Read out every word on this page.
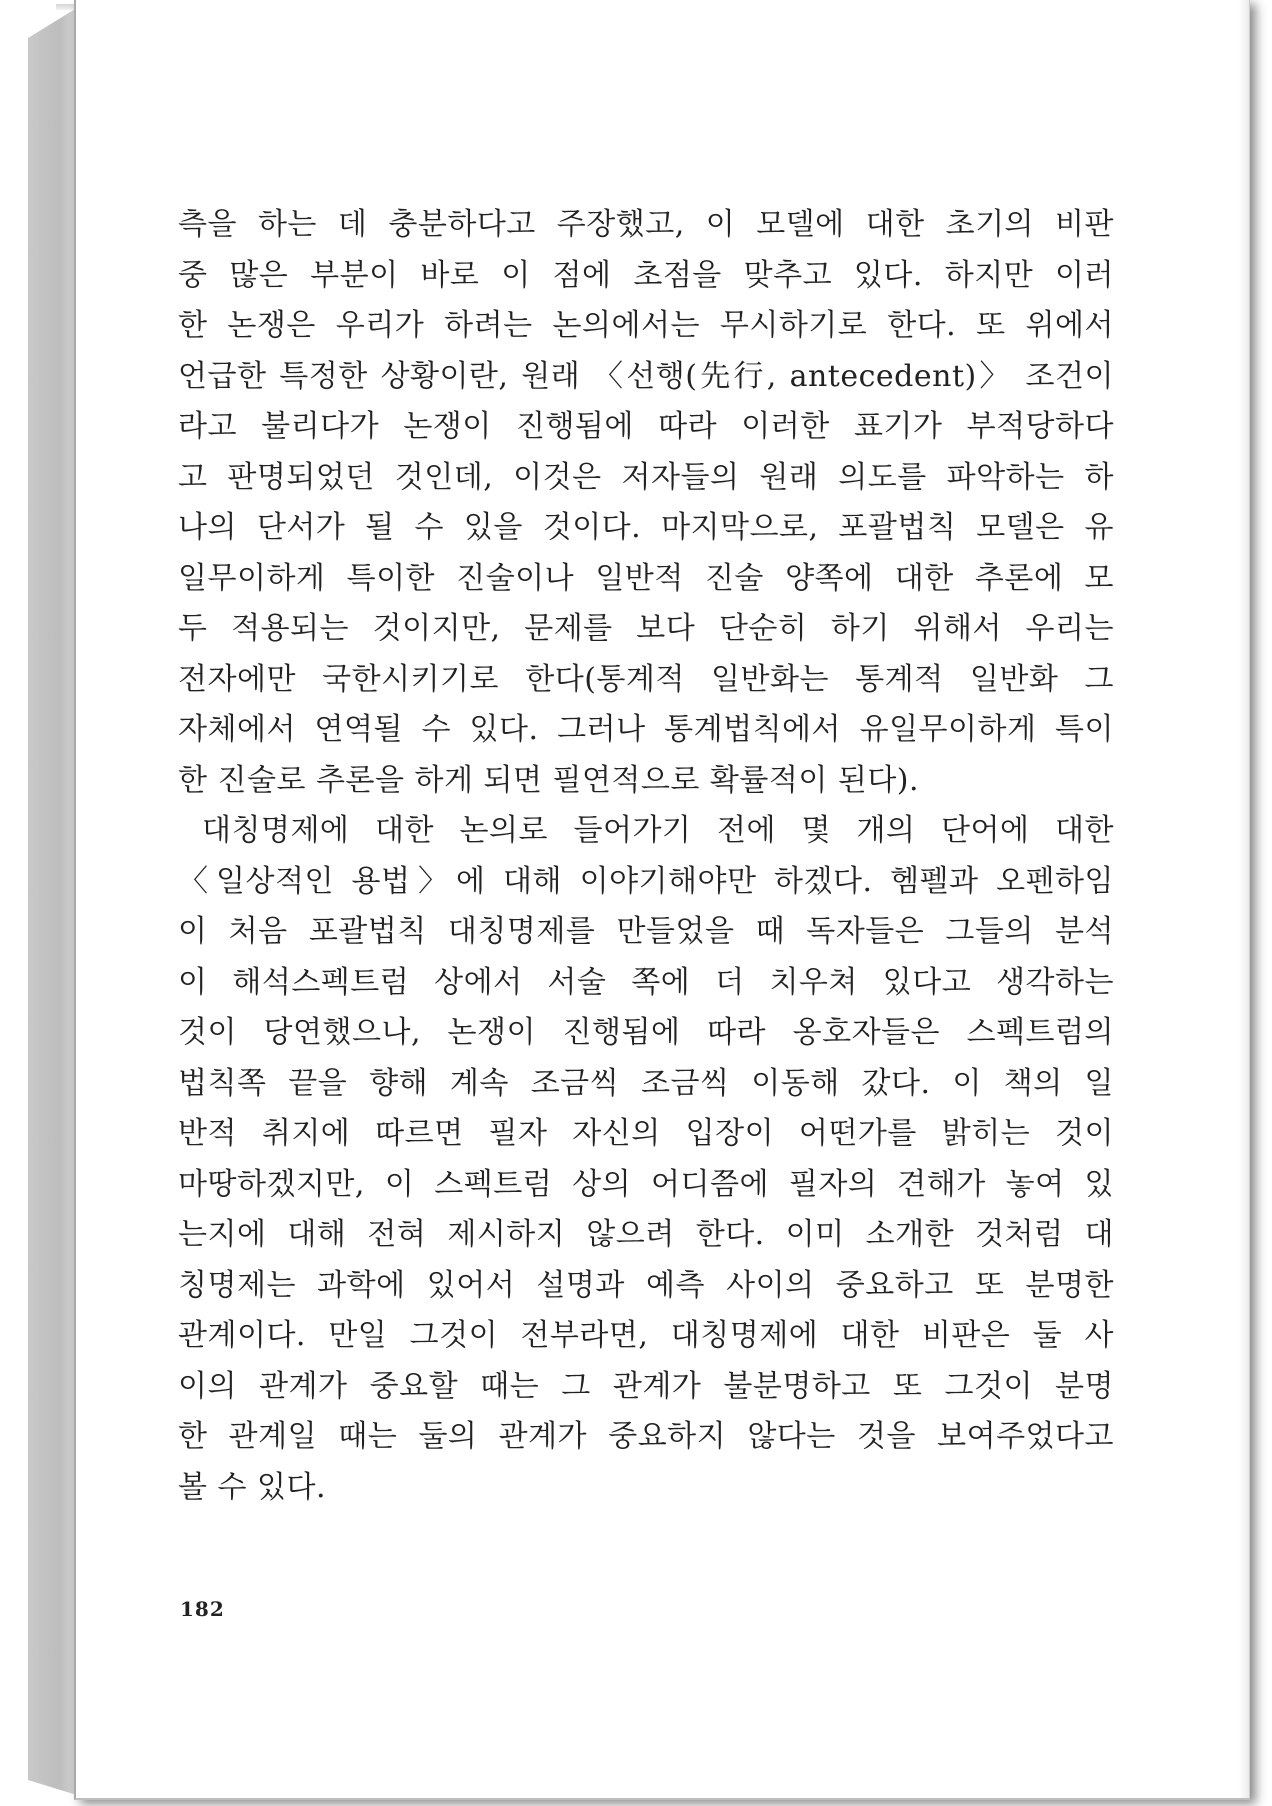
측을 하는 데 충분하다고 주장했고, 이 모델에 대한 초기의 비판
중 많은 부분이 바로 이 점에 초점을 맞추고 있다. 하지만 이러
한 논쟁은 우리가 하려는 논의에서는 무시하기로 한다. 또 위에서
언급한 특정한 상황이란, 원래 〈선행(先行, antecedent)〉 조건이
라고 불리다가 논쟁이 진행됨에 따라 이러한 표기가 부적당하다
고 판명되었던 것인데, 이것은 저자들의 원래 의도를 파악하는 하
나의 단서가 될 수 있을 것이다. 마지막으로, 포괄법칙 모델은 유
일무이하게 특이한 진술이나 일반적 진술 양쪽에 대한 추론에 모
두 적용되는 것이지만, 문제를 보다 단순히 하기 위해서 우리는
전자에만 국한시키기로 한다(통계적 일반화는 통계적 일반화 그
자체에서 연역될 수 있다. 그러나 통계법칙에서 유일무이하게 특이
한 진술로 추론을 하게 되면 필연적으로 확률적이 된다).
대칭명제에 대한 논의로 들어가기 전에 몇 개의 단어에 대한
〈일상적인 용법〉에 대해 이야기해야만 하겠다. 헴펠과 오펜하임
이 처음 포괄법칙 대칭명제를 만들었을 때 독자들은 그들의 분석
이 해석스펙트럼 상에서 서술 쪽에 더 치우쳐 있다고 생각하는
것이 당연했으나, 논쟁이 진행됨에 따라 옹호자들은 스펙트럼의
법칙쪽 끝을 향해 계속 조금씩 조금씩 이동해 갔다. 이 책의 일
반적 취지에 따르면 필자 자신의 입장이 어떤가를 밝히는 것이
마땅하겠지만, 이 스펙트럼 상의 어디쯤에 필자의 견해가 놓여 있
는지에 대해 전혀 제시하지 않으려 한다. 이미 소개한 것처럼 대
칭명제는 과학에 있어서 설명과 예측 사이의 중요하고 또 분명한
관계이다. 만일 그것이 전부라면, 대칭명제에 대한 비판은 둘 사
이의 관계가 중요할 때는 그 관계가 불분명하고 또 그것이 분명
한 관계일 때는 둘의 관계가 중요하지 않다는 것을 보여주었다고
볼 수 있다.
182
